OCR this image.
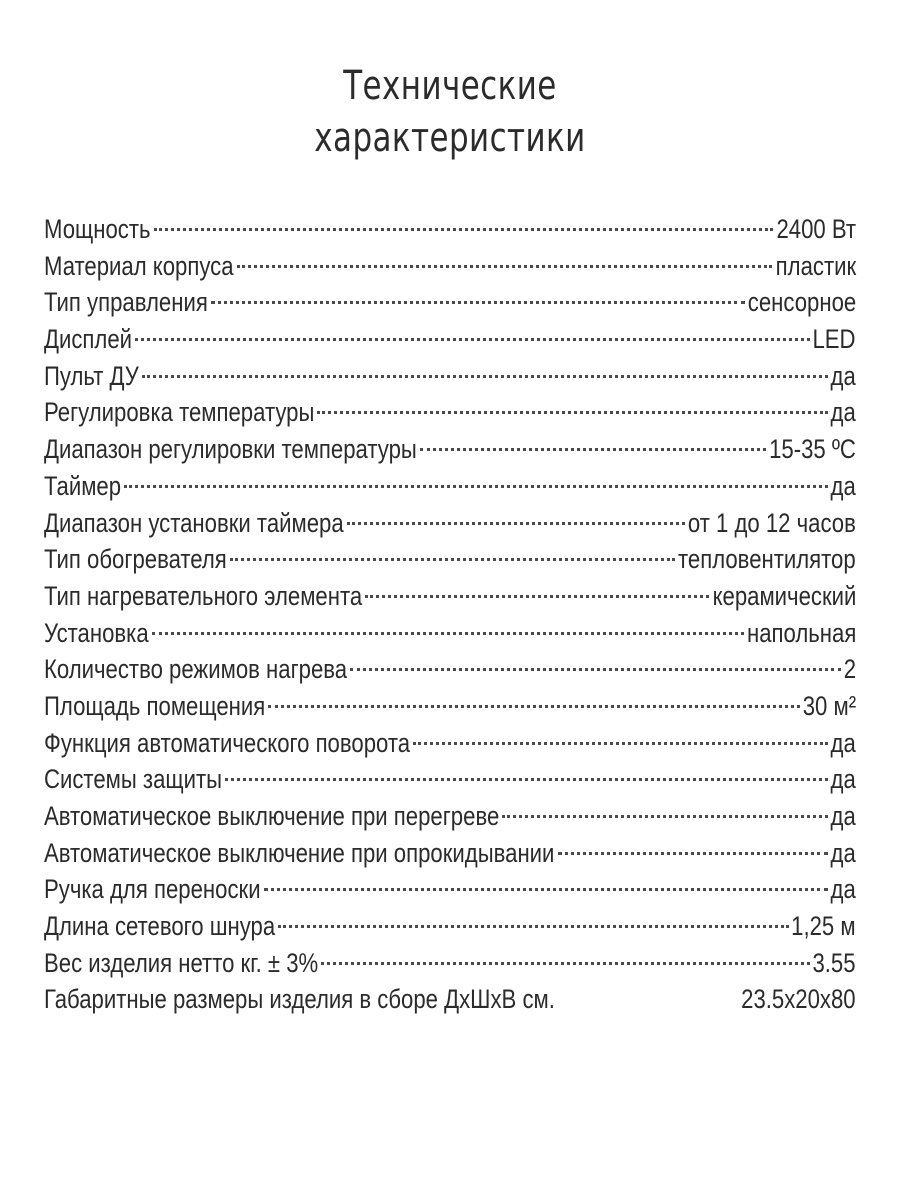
Технические
характеристики
Мощность	2400 Вт
Материал корпуса	пластик
Тип управления	сенсорное
Дисплей	LED
Пульт ДУ	да
Регулировка температуры	да
Диапазон регулировки температуры	15-35 ºC
Таймер	да
Диапазон установки таймера	от 1 до 12 часов
Тип обогревателя	тепловентилятор
Тип нагревательного элемента	керамический
Установка	напольная
Количество режимов нагрева	2
Площадь помещения	30 м²
Функция автоматического поворота	да
Системы защиты	да
Автоматическое выключение при перегреве	да
Автоматическое выключение при опрокидывании	да
Ручка для переноски	да
Длина сетевого шнура	1,25 м
Вес изделия нетто кг. ± 3%	3.55
Габаритные размеры изделия в сборе ДхШхВ см.	23.5x20x80
